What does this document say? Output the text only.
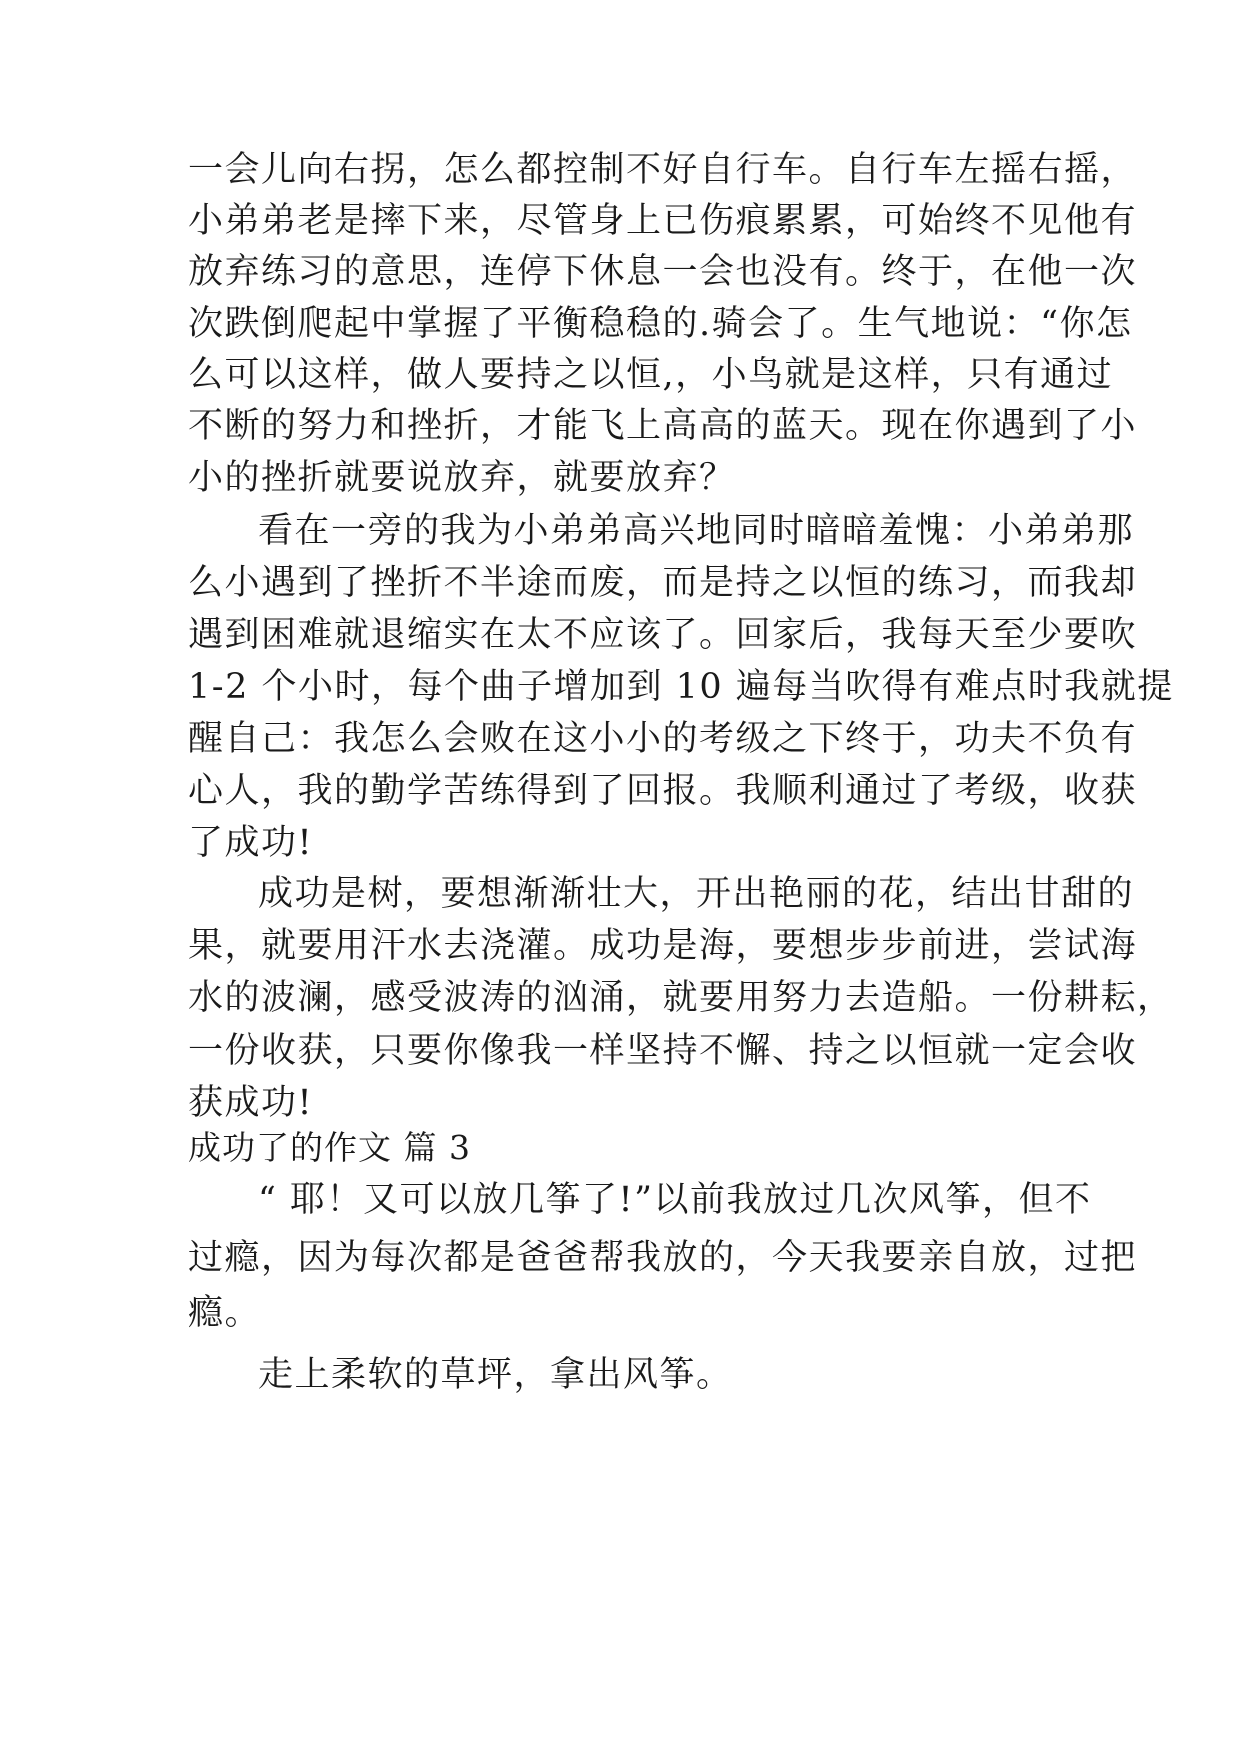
一会儿向右拐，怎么都控制不好自行车。自行车左摇右摇，
小弟弟老是摔下来，尽管身上已伤痕累累，可始终不见他有
放弃练习的意思，连停下休息一会也没有。终于，在他一次
次跌倒爬起中掌握了平衡稳稳的.骑会了。生气地说：“你怎
么可以这样，做人要持之以恒,，小鸟就是这样，只有通过
不断的努力和挫折，才能飞上高高的蓝天。现在你遇到了小
小的挫折就要说放弃，就要放弃？
看在一旁的我为小弟弟高兴地同时暗暗羞愧：小弟弟那
么小遇到了挫折不半途而废，而是持之以恒的练习，而我却
遇到困难就退缩实在太不应该了。回家后，我每天至少要吹
1-2 个小时，每个曲子增加到 10 遍每当吹得有难点时我就提
醒自己：我怎么会败在这小小的考级之下终于，功夫不负有
心人，我的勤学苦练得到了回报。我顺利通过了考级，收获
了成功!
成功是树，要想渐渐壮大，开出艳丽的花，结出甘甜的
果，就要用汗水去浇灌。成功是海，要想步步前进，尝试海
水的波澜，感受波涛的汹涌，就要用努力去造船。一份耕耘，
一份收获，只要你像我一样坚持不懈、持之以恒就一定会收
获成功!
成功了的作文 篇 3
“ 耶！又可以放几筝了!”以前我放过几次风筝，但不
过瘾，因为每次都是爸爸帮我放的，今天我要亲自放，过把
瘾。
走上柔软的草坪，拿出风筝。
